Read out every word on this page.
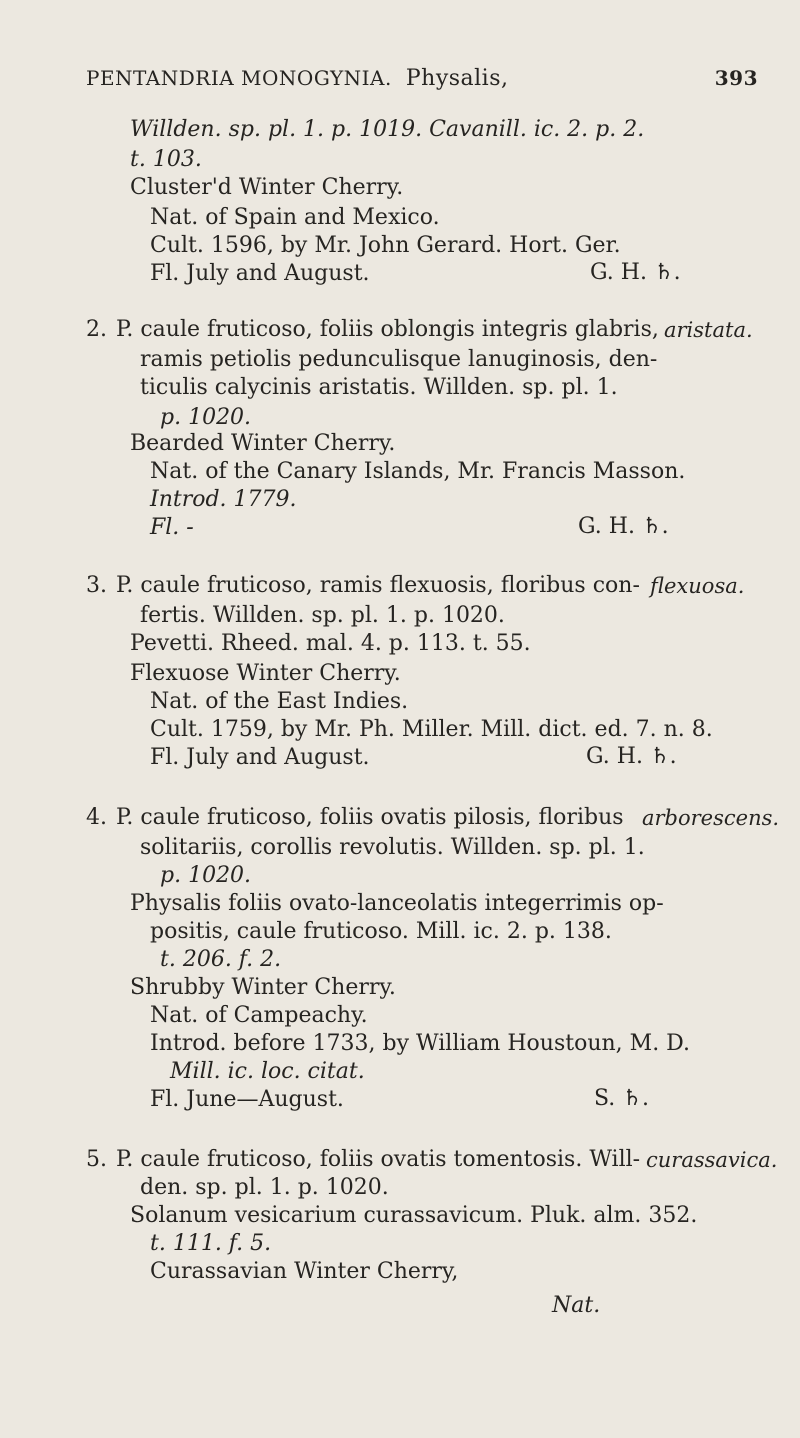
PENTANDRIA MONOGYNIA. Physalis,	393
Willden. sp. pl. 1. p. 1019. Cavanill. ic. 2. p. 2.
t. 103.
Cluster'd Winter Cherry.
Nat. of Spain and Mexico.
Cult. 1596, by Mr. John Gerard. Hort. Ger.
Fl. July and August.	G. H. ♄.
2. P. caule fruticoso, foliis oblongis integris glabris, aristata.
ramis petiolis pedunculisque lanuginosis, den-
ticulis calycinis aristatis. Willden. sp. pl. 1.
p. 1020.
Bearded Winter Cherry.
Nat. of the Canary Islands, Mr. Francis Masson.
Introd. 1779.
Fl. -	G. H. ♄.
3. P. caule fruticoso, ramis flexuosis, floribus con- flexuosa.
fertis. Willden. sp. pl. 1. p. 1020.
Pevetti. Rheed. mal. 4. p. 113. t. 55.
Flexuose Winter Cherry.
Nat. of the East Indies.
Cult. 1759, by Mr. Ph. Miller. Mill. dict. ed. 7. n. 8.
Fl. July and August.	G. H. ♄.
4. P. caule fruticoso, foliis ovatis pilosis, floribus arborescens.
solitariis, corollis revolutis. Willden. sp. pl. 1.
p. 1020.
Physalis foliis ovato-lanceolatis integerrimis op-
positis, caule fruticoso. Mill. ic. 2. p. 138.
t. 206. f. 2.
Shrubby Winter Cherry.
Nat. of Campeachy.
Introd. before 1733, by William Houstoun, M. D.
Mill. ic. loc. citat.
Fl. June—August.	S. ♄.
5. P. caule fruticoso, foliis ovatis tomentosis. Will- curassavica.
den. sp. pl. 1. p. 1020.
Solanum vesicarium curassavicum. Pluk. alm. 352.
t. 111. f. 5.
Curassavian Winter Cherry,
Nat.
